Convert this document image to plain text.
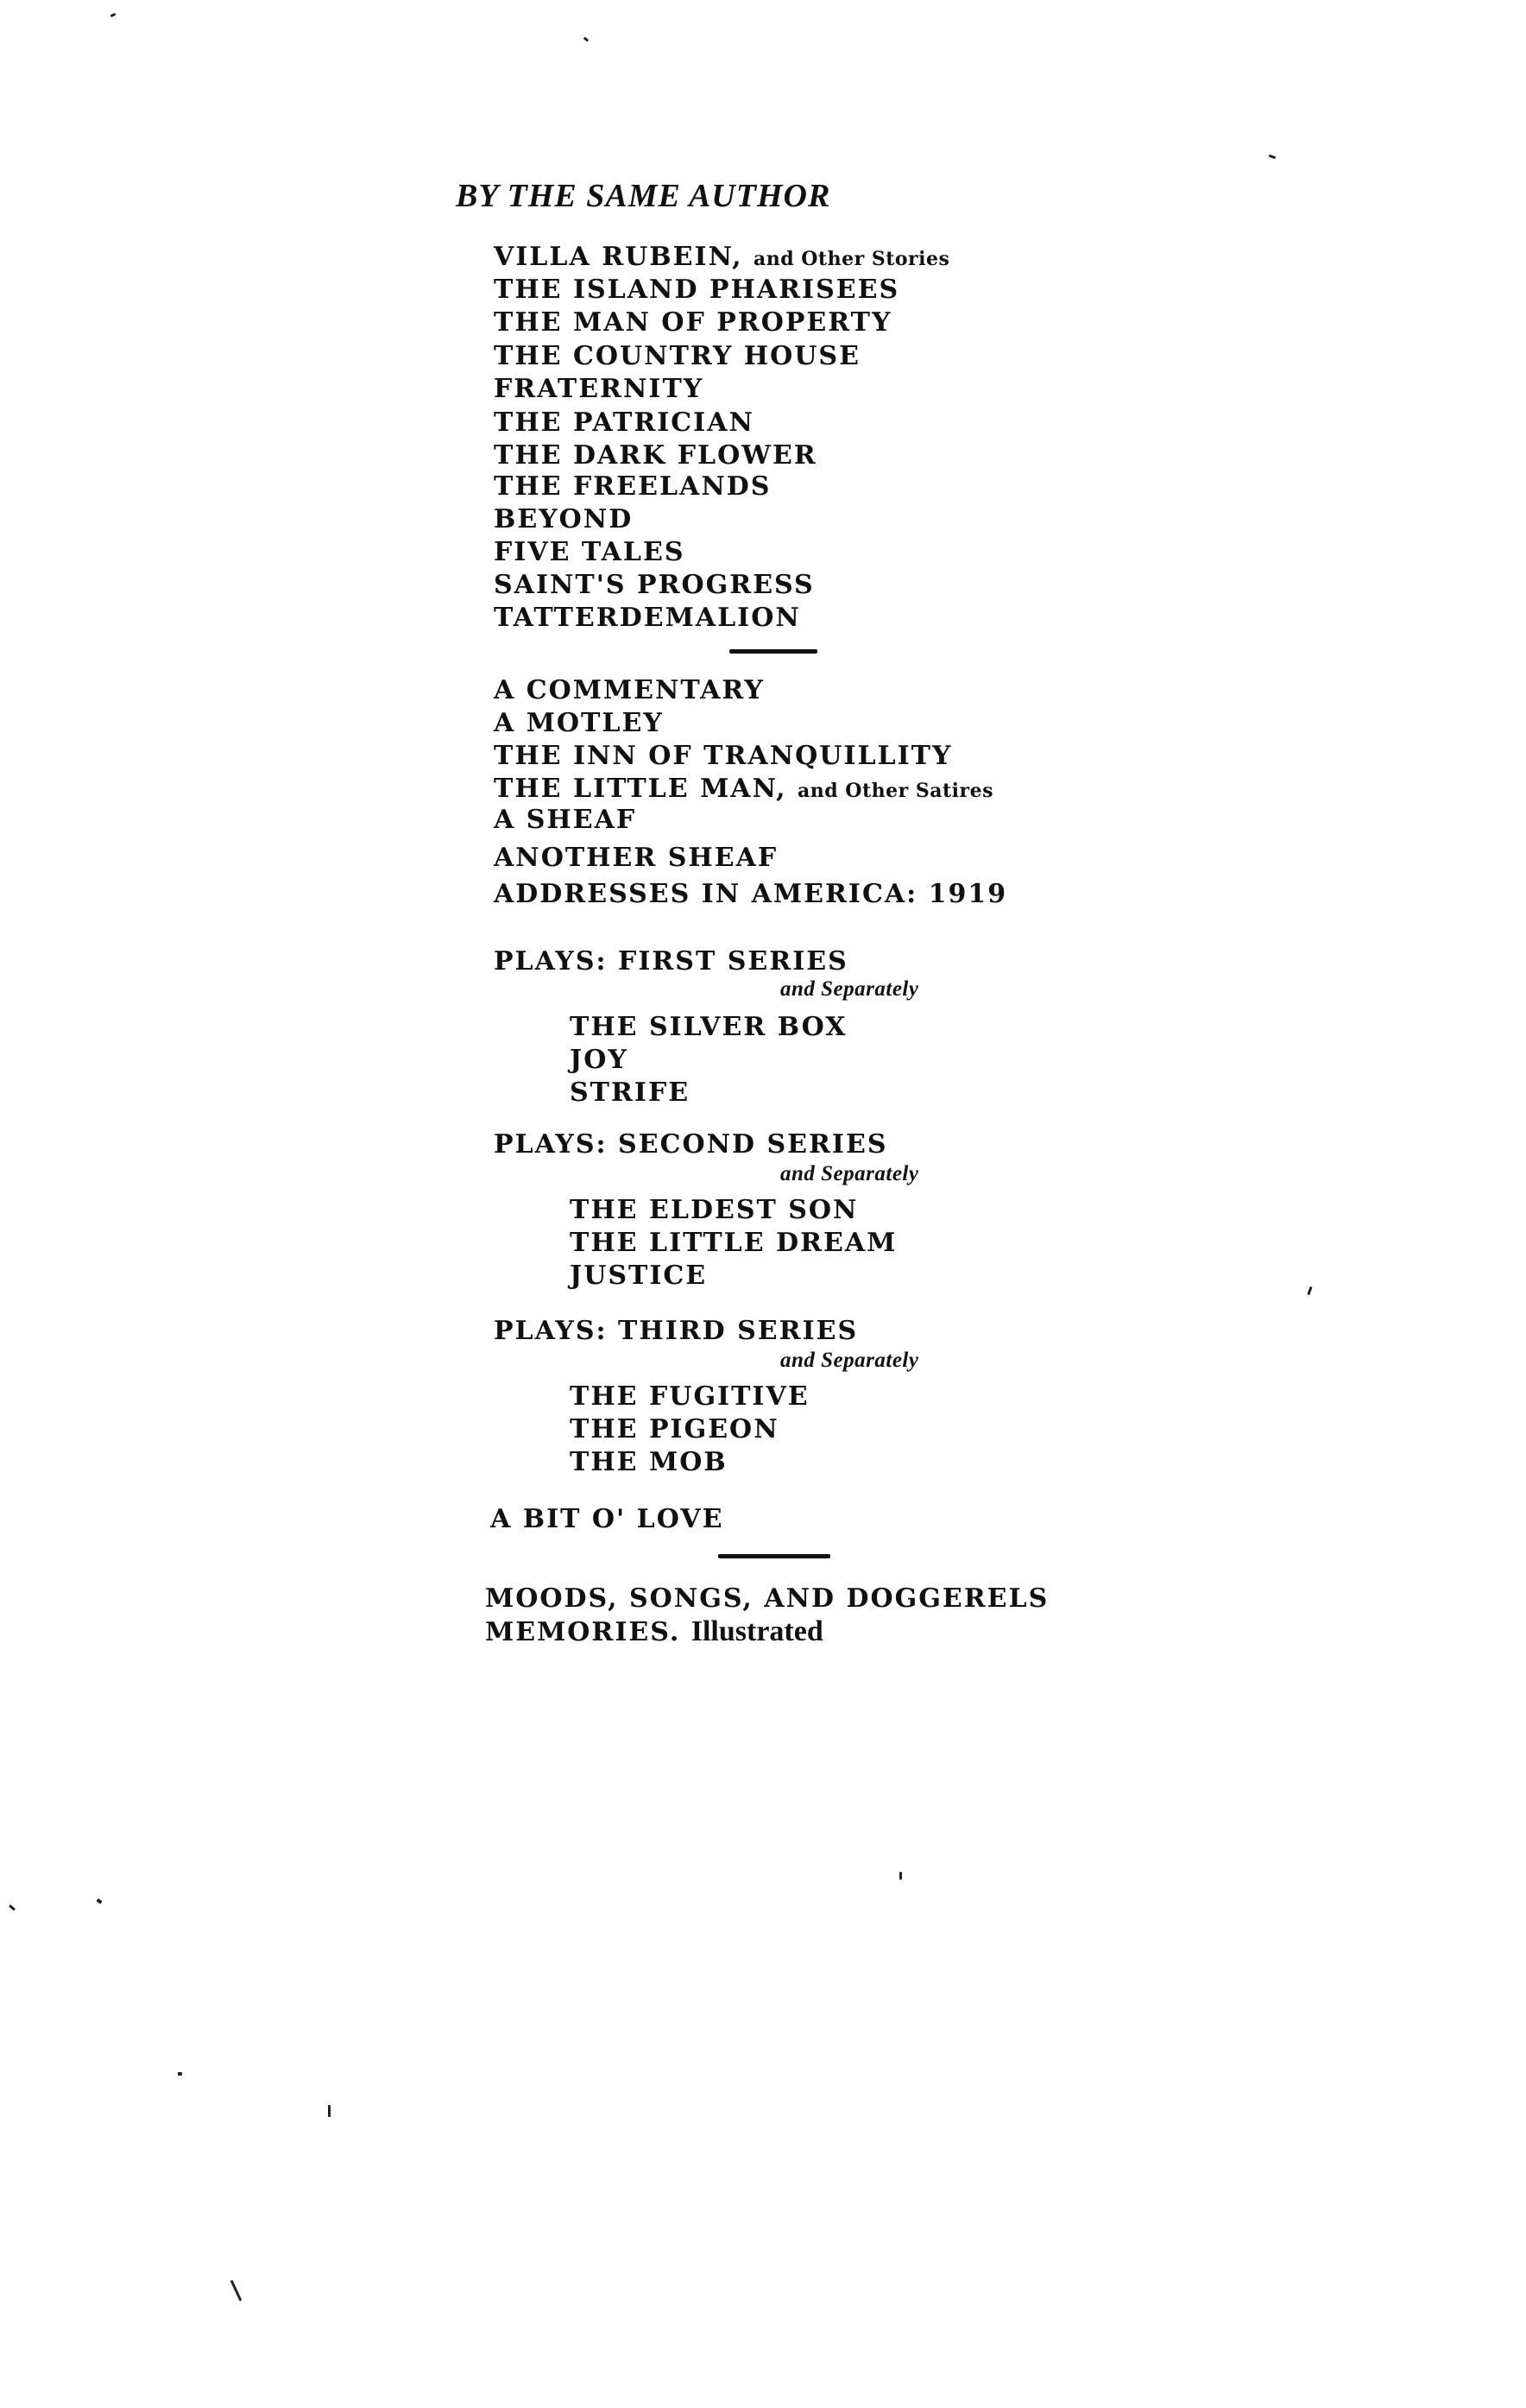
BY THE SAME AUTHOR
VILLA RUBEIN, and Other Stories
THE ISLAND PHARISEES
THE MAN OF PROPERTY
THE COUNTRY HOUSE
FRATERNITY
THE PATRICIAN
THE DARK FLOWER
THE FREELANDS
BEYOND
FIVE TALES
SAINT'S PROGRESS
TATTERDEMALION
A COMMENTARY
A MOTLEY
THE INN OF TRANQUILLITY
THE LITTLE MAN, and Other Satires
A SHEAF
ANOTHER SHEAF
ADDRESSES IN AMERICA: 1919
PLAYS: FIRST SERIES
and Separately
THE SILVER BOX
JOY
STRIFE
PLAYS: SECOND SERIES
and Separately
THE ELDEST SON
THE LITTLE DREAM
JUSTICE
PLAYS: THIRD SERIES
and Separately
THE FUGITIVE
THE PIGEON
THE MOB
A BIT O' LOVE
MOODS, SONGS, AND DOGGERELS
MEMORIES. Illustrated
